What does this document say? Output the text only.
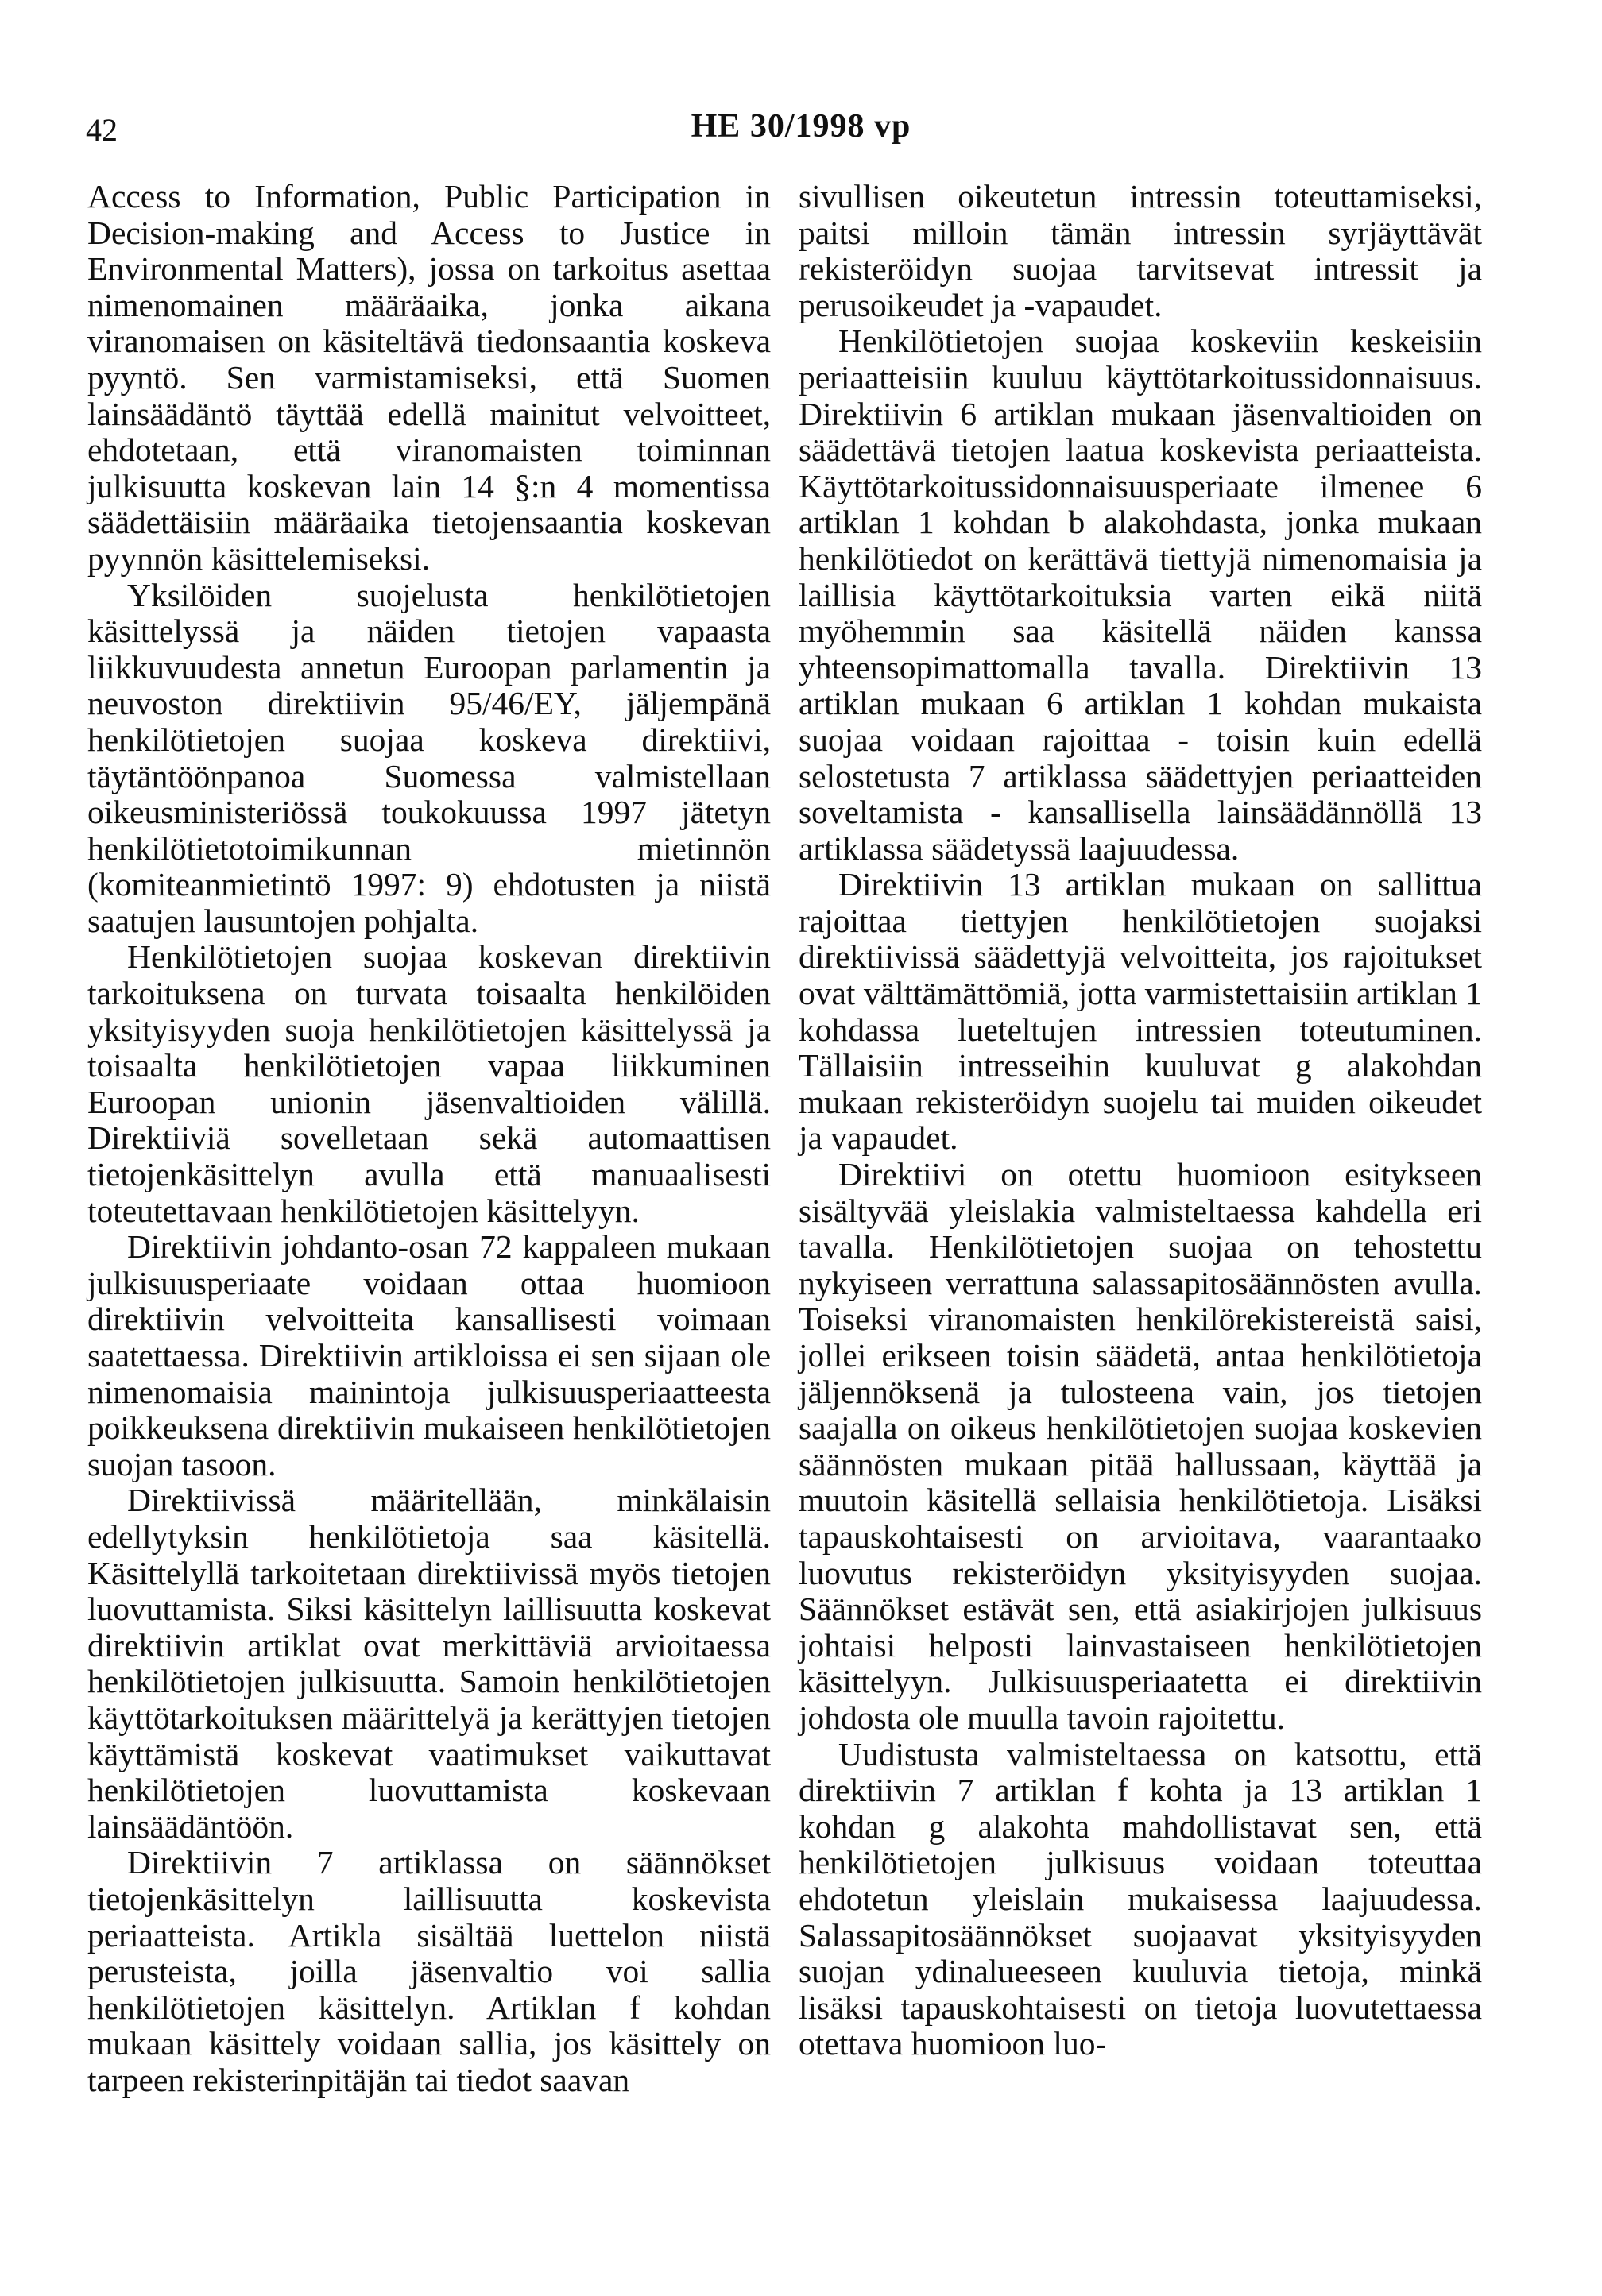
42	HE 30/1998 vp

Access to Information, Public Participation in Decision-making and Access to Justice in Environmental Matters), jossa on tarkoitus asettaa nimenomainen määräaika, jonka aikana viranomaisen on käsiteltävä tiedonsaantia koskeva pyyntö. Sen varmistamiseksi, että Suomen lainsäädäntö täyttää edellä mainitut velvoitteet, ehdotetaan, että viranomaisten toiminnan julkisuutta koskevan lain 14 §:n 4 momentissa säädettäisiin määräaika tietojensaantia koskevan pyynnön käsittelemiseksi.

Yksilöiden suojelusta henkilötietojen käsittelyssä ja näiden tietojen vapaasta liikkuvuudesta annetun Euroopan parlamentin ja neuvoston direktiivin 95/46/EY, jäljempänä henkilötietojen suojaa koskeva direktiivi, täytäntöönpanoa Suomessa valmistellaan oikeusministeriössä toukokuussa 1997 jätetyn henkilötietotoimikunnan mietinnön (komiteanmietintö 1997: 9) ehdotusten ja niistä saatujen lausuntojen pohjalta.

Henkilötietojen suojaa koskevan direktiivin tarkoituksena on turvata toisaalta henkilöiden yksityisyyden suoja henkilötietojen käsittelyssä ja toisaalta henkilötietojen vapaa liikkuminen Euroopan unionin jäsenvaltioiden välillä. Direktiiviä sovelletaan sekä automaattisen tietojenkäsittelyn avulla että manuaalisesti toteutettavaan henkilötietojen käsittelyyn.

Direktiivin johdanto-osan 72 kappaleen mukaan julkisuusperiaate voidaan ottaa huomioon direktiivin velvoitteita kansallisesti voimaan saatettaessa. Direktiivin artikloissa ei sen sijaan ole nimenomaisia mainintoja julkisuusperiaatteesta poikkeuksena direktiivin mukaiseen henkilötietojen suojan tasoon.

Direktiivissä määritellään, minkälaisin edellytyksin henkilötietoja saa käsitellä. Käsittelyllä tarkoitetaan direktiivissä myös tietojen luovuttamista. Siksi käsittelyn laillisuutta koskevat direktiivin artiklat ovat merkittäviä arvioitaessa henkilötietojen julkisuutta. Samoin henkilötietojen käyttötarkoituksen määrittelyä ja kerättyjen tietojen käyttämistä koskevat vaatimukset vaikuttavat henkilötietojen luovuttamista koskevaan lainsäädäntöön.

Direktiivin 7 artiklassa on säännökset tietojenkäsittelyn laillisuutta koskevista periaatteista. Artikla sisältää luettelon niistä perusteista, joilla jäsenvaltio voi sallia henkilötietojen käsittelyn. Artiklan f kohdan mukaan käsittely voidaan sallia, jos käsittely on tarpeen rekisterinpitäjän tai tiedot saavan

sivullisen oikeutetun intressin toteuttamiseksi, paitsi milloin tämän intressin syrjäyttävät rekisteröidyn suojaa tarvitsevat intressit ja perusoikeudet ja -vapaudet.

Henkilötietojen suojaa koskeviin keskeisiin periaatteisiin kuuluu käyttötarkoitussidonnaisuus. Direktiivin 6 artiklan mukaan jäsenvaltioiden on säädettävä tietojen laatua koskevista periaatteista. Käyttötarkoitussidonnaisuusperiaate ilmenee 6 artiklan 1 kohdan b alakohdasta, jonka mukaan henkilötiedot on kerättävä tiettyjä nimenomaisia ja laillisia käyttötarkoituksia varten eikä niitä myöhemmin saa käsitellä näiden kanssa yhteensopimattomalla tavalla. Direktiivin 13 artiklan mukaan 6 artiklan 1 kohdan mukaista suojaa voidaan rajoittaa - toisin kuin edellä selostetusta 7 artiklassa säädettyjen periaatteiden soveltamista - kansallisella lainsäädännöllä 13 artiklassa säädetyssä laajuudessa.

Direktiivin 13 artiklan mukaan on sallittua rajoittaa tiettyjen henkilötietojen suojaksi direktiivissä säädettyjä velvoitteita, jos rajoitukset ovat välttämättömiä, jotta varmistettaisiin artiklan 1 kohdassa lueteltujen intressien toteutuminen. Tällaisiin intresseihin kuuluvat g alakohdan mukaan rekisteröidyn suojelu tai muiden oikeudet ja vapaudet.

Direktiivi on otettu huomioon esitykseen sisältyvää yleislakia valmisteltaessa kahdella eri tavalla. Henkilötietojen suojaa on tehostettu nykyiseen verrattuna salassapitosäännösten avulla. Toiseksi viranomaisten henkilörekistereistä saisi, jollei erikseen toisin säädetä, antaa henkilötietoja jäljennöksenä ja tulosteena vain, jos tietojen saajalla on oikeus henkilötietojen suojaa koskevien säännösten mukaan pitää hallussaan, käyttää ja muutoin käsitellä sellaisia henkilötietoja. Lisäksi tapauskohtaisesti on arvioitava, vaarantaako luovutus rekisteröidyn yksityisyyden suojaa. Säännökset estävät sen, että asiakirjojen julkisuus johtaisi helposti lainvastaiseen henkilötietojen käsittelyyn. Julkisuusperiaatetta ei direktiivin johdosta ole muulla tavoin rajoitettu.

Uudistusta valmisteltaessa on katsottu, että direktiivin 7 artiklan f kohta ja 13 artiklan 1 kohdan g alakohta mahdollistavat sen, että henkilötietojen julkisuus voidaan toteuttaa ehdotetun yleislain mukaisessa laajuudessa. Salassapitosäännökset suojaavat yksityisyyden suojan ydinalueeseen kuuluvia tietoja, minkä lisäksi tapauskohtaisesti on tietoja luovutettaessa otettava huomioon luo-
